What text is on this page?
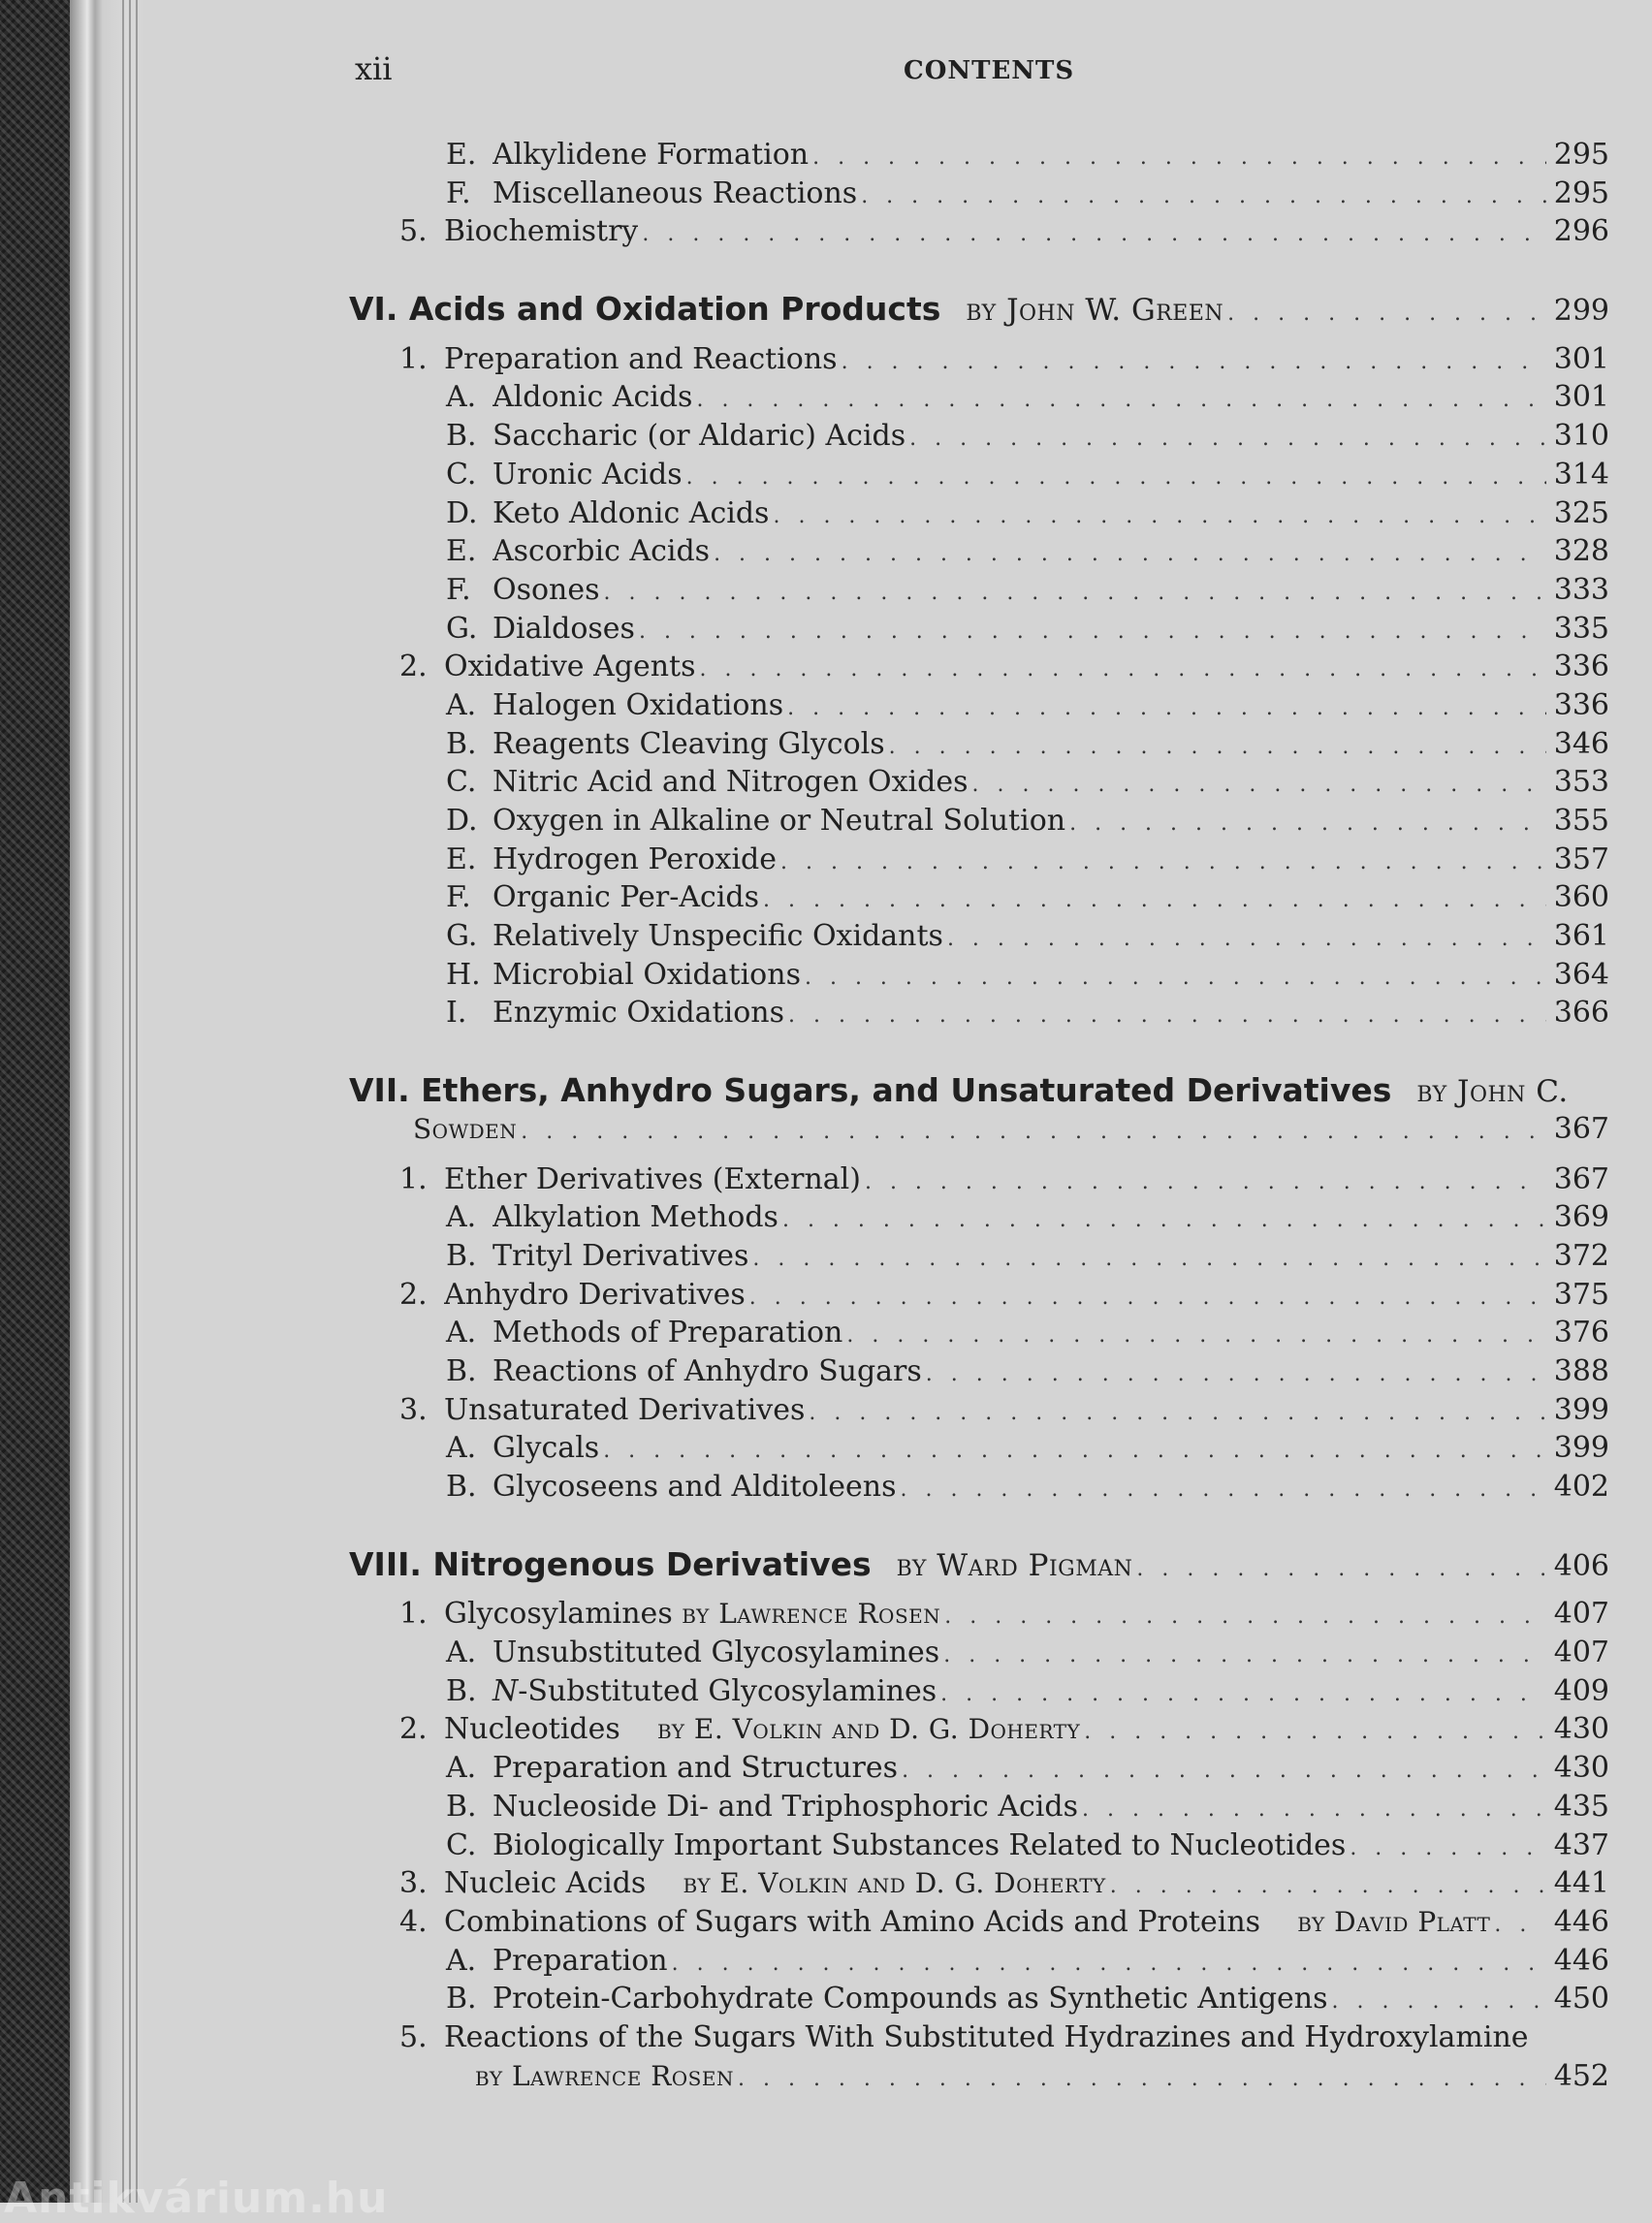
Antikvárium.hu
xii	CONTENTS
E. Alkylidene Formation . . .	295
F. Miscellaneous Reactions . . .	295
5. Biochemistry . . .	296
VI.
Acids and Oxidation Products by John W. Green . . .	299
1. Preparation and Reactions . . .	301
A. Aldonic Acids . . .	301
B. Saccharic (or Aldaric) Acids . . .	310
C. Uronic Acids . . .	314
D. Keto Aldonic Acids . . .	325
E. Ascorbic Acids . . .	328
F. Osones . . .	333
G. Dialdoses . . .	335
2. Oxidative Agents . . .	336
A. Halogen Oxidations . . .	336
B. Reagents Cleaving Glycols . . .	346
C. Nitric Acid and Nitrogen Oxides . . .	353
D. Oxygen in Alkaline or Neutral Solution . . .	355
E. Hydrogen Peroxide . . .	357
F. Organic Per-Acids . . .	360
G. Relatively Unspecific Oxidants . . .	361
H. Microbial Oxidations . . .	364
I. Enzymic Oxidations . . .	366
VII.
Ethers, Anhydro Sugars, and Unsaturated Derivatives by John C.
Sowden . . .	367
1. Ether Derivatives (External) . . .	367
A. Alkylation Methods . . .	369
B. Trityl Derivatives . . .	372
2. Anhydro Derivatives . . .	375
A. Methods of Preparation . . .	376
B. Reactions of Anhydro Sugars . . .	388
3. Unsaturated Derivatives . . .	399
A. Glycals . . .	399
B. Glycoseens and Alditoleens . . .	402
VIII.
Nitrogenous Derivatives by Ward Pigman . . .	406
1. Glycosylamines
by Lawrence Rosen . . .	407
A. Unsubstituted Glycosylamines . . .	407
B. N -Substituted Glycosylamines . . .	409
2. Nucleotides
by E. Volkin and D. G. Doherty . . .	430
A. Preparation and Structures . . .	430
B. Nucleoside Di- and Triphosphoric Acids . . .	435
C. Biologically Important Substances Related to Nucleotides . . .	437
3. Nucleic Acids
by E. Volkin and D. G. Doherty . . .	441
4. Combinations of Sugars with Amino Acids and Proteins
by David Platt . . . 446
A. Preparation . . .	446
B. Protein-Carbohydrate Compounds as Synthetic Antigens . . .	450
5. Reactions of the Sugars With Substituted Hydrazines and Hydroxylamine
by Lawrence Rosen . . .	452
